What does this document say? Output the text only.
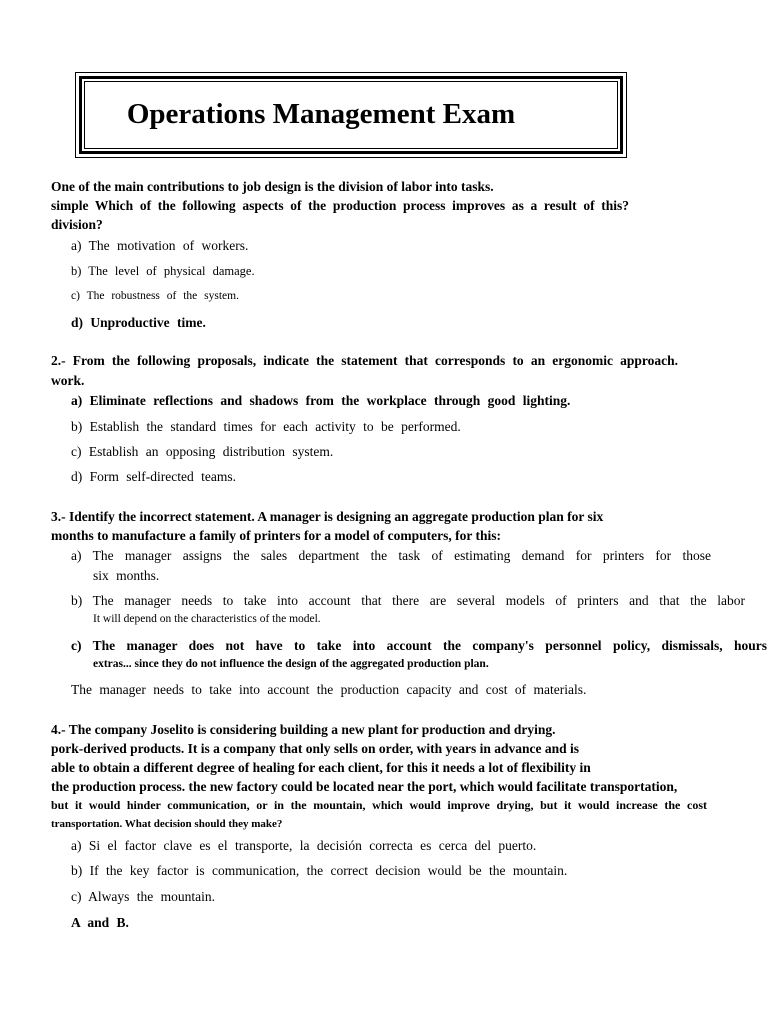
Operations Management Exam
One of the main contributions to job design is the division of labor into tasks.
simple Which of the following aspects of the production process improves as a result of this?
division?
a) The motivation of workers.
b) The level of physical damage.
c) The robustness of the system.
d) Unproductive time.
2.- From the following proposals, indicate the statement that corresponds to an ergonomic approach.
work.
a) Eliminate reflections and shadows from the workplace through good lighting.
b) Establish the standard times for each activity to be performed.
c) Establish an opposing distribution system.
d) Form self-directed teams.
3.- Identify the incorrect statement. A manager is designing an aggregate production plan for six
months to manufacture a family of printers for a model of computers, for this:
a) The manager assigns the sales department the task of estimating demand for printers for those
six months.
b) The manager needs to take into account that there are several models of printers and that the labor
It will depend on the characteristics of the model.
c) The manager does not have to take into account the company's personnel policy, dismissals, hours
extras... since they do not influence the design of the aggregated production plan.
The manager needs to take into account the production capacity and cost of materials.
4.- The company Joselito is considering building a new plant for production and drying.
pork-derived products. It is a company that only sells on order, with years in advance and is
able to obtain a different degree of healing for each client, for this it needs a lot of flexibility in
the production process. the new factory could be located near the port, which would facilitate transportation,
but it would hinder communication, or in the mountain, which would improve drying, but it would increase the cost
transportation. What decision should they make?
a) Si el factor clave es el transporte, la decisión correcta es cerca del puerto.
b) If the key factor is communication, the correct decision would be the mountain.
c) Always the mountain.
A and B.
